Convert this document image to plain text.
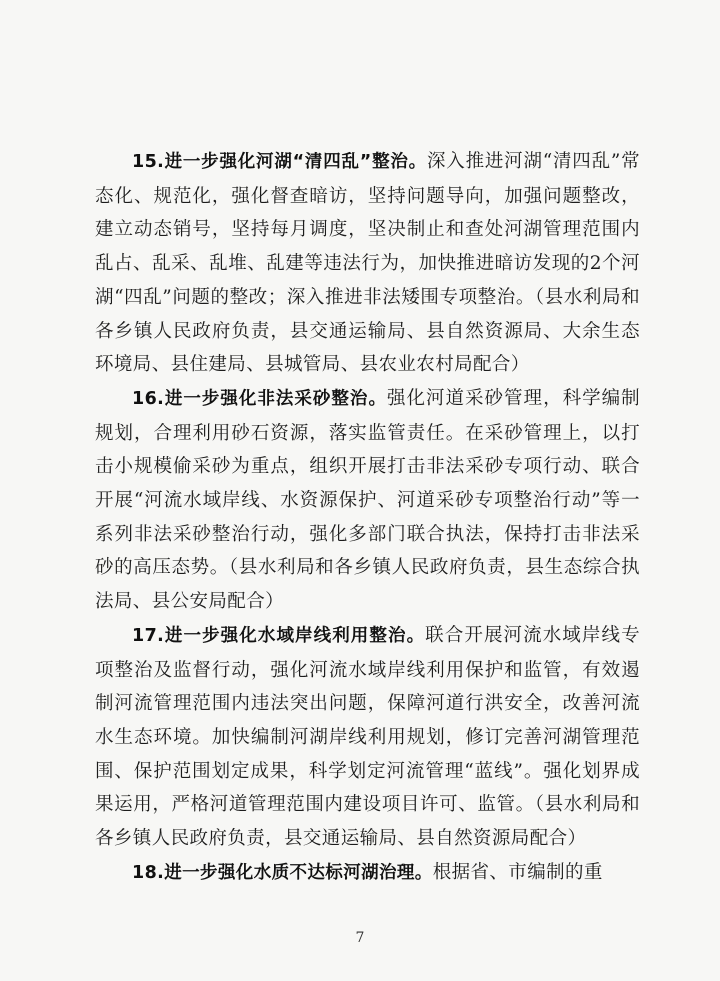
15.进一步强化河湖“清四乱”整治。深入推进河湖“清四乱”常态化、规范化，强化督查暗访，坚持问题导向，加强问题整改，建立动态销号，坚持每月调度，坚决制止和查处河湖管理范围内乱占、乱采、乱堆、乱建等违法行为，加快推进暗访发现的2个河湖“四乱”问题的整改；深入推进非法矮围专项整治。（县水利局和各乡镇人民政府负责，县交通运输局、县自然资源局、大余生态环境局、县住建局、县城管局、县农业农村局配合）

16.进一步强化非法采砂整治。强化河道采砂管理，科学编制规划，合理利用砂石资源，落实监管责任。在采砂管理上，以打击小规模偷采砂为重点，组织开展打击非法采砂专项行动、联合开展“河流水域岸线、水资源保护、河道采砂专项整治行动”等一系列非法采砂整治行动，强化多部门联合执法，保持打击非法采砂的高压态势。（县水利局和各乡镇人民政府负责，县生态综合执法局、县公安局配合）

17.进一步强化水域岸线利用整治。联合开展河流水域岸线专项整治及监督行动，强化河流水域岸线利用保护和监管，有效遏制河流管理范围内违法突出问题，保障河道行洪安全，改善河流水生态环境。加快编制河湖岸线利用规划，修订完善河湖管理范围、保护范围划定成果，科学划定河流管理“蓝线”。强化划界成果运用，严格河道管理范围内建设项目许可、监管。（县水利局和各乡镇人民政府负责，县交通运输局、县自然资源局配合）

18.进一步强化水质不达标河湖治理。根据省、市编制的重

7
